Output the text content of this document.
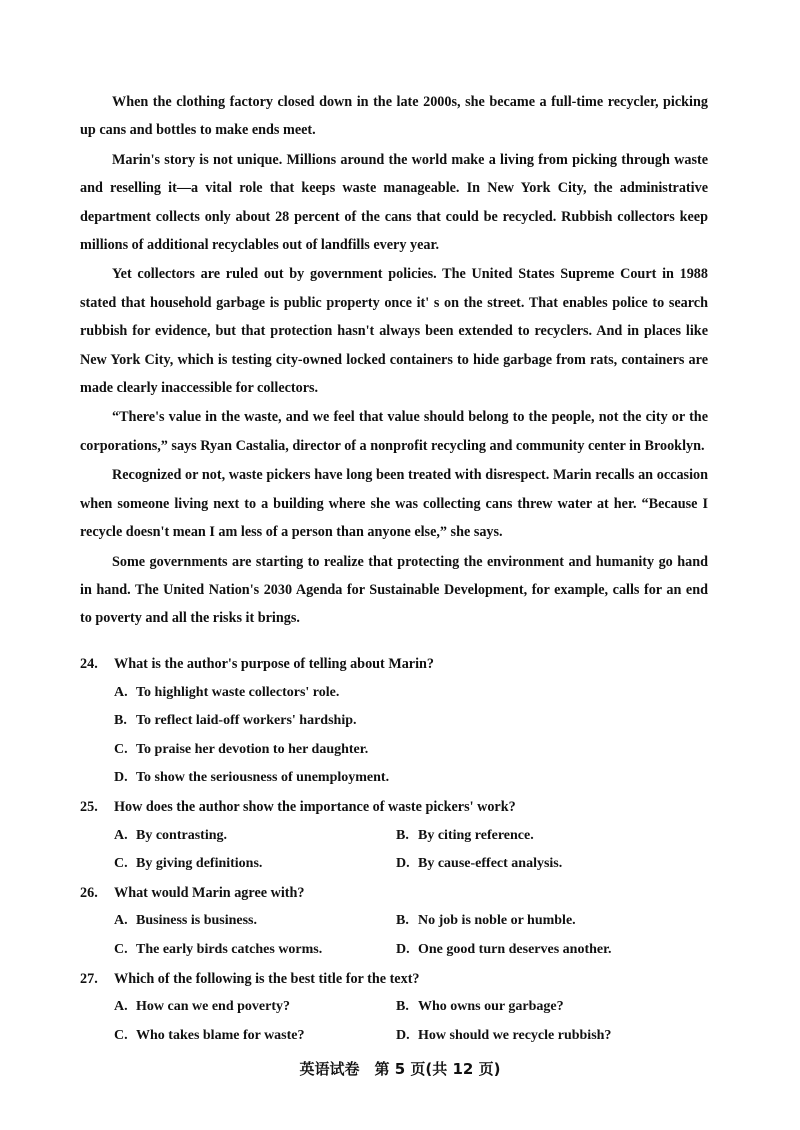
When the clothing factory closed down in the late 2000s, she became a full-time recycler, picking up cans and bottles to make ends meet.

Marin's story is not unique. Millions around the world make a living from picking through waste and reselling it—a vital role that keeps waste manageable. In New York City, the administrative department collects only about 28 percent of the cans that could be recycled. Rubbish collectors keep millions of additional recyclables out of landfills every year.

Yet collectors are ruled out by government policies. The United States Supreme Court in 1988 stated that household garbage is public property once it' s on the street. That enables police to search rubbish for evidence, but that protection hasn't always been extended to recyclers. And in places like New York City, which is testing city-owned locked containers to hide garbage from rats, containers are made clearly inaccessible for collectors.

“There's value in the waste, and we feel that value should belong to the people, not the city or the corporations,” says Ryan Castalia, director of a nonprofit recycling and community center in Brooklyn.

Recognized or not, waste pickers have long been treated with disrespect. Marin recalls an occasion when someone living next to a building where she was collecting cans threw water at her. “Because I recycle doesn't mean I am less of a person than anyone else,” she says.

Some governments are starting to realize that protecting the environment and humanity go hand in hand. The United Nation's 2030 Agenda for Sustainable Development, for example, calls for an end to poverty and all the risks it brings.

24. What is the author's purpose of telling about Marin?

A. To highlight waste collectors' role.

B. To reflect laid-off workers' hardship.

C. To praise her devotion to her daughter.

D. To show the seriousness of unemployment.

25. How does the author show the importance of waste pickers' work?

A. By contrasting.	B. By citing reference.

C. By giving definitions.	D. By cause-effect analysis.

26. What would Marin agree with?

A. Business is business.	B. No job is noble or humble.

C. The early birds catches worms.	D. One good turn deserves another.

27. Which of the following is the best title for the text?

A. How can we end poverty?	B. Who owns our garbage?

C. Who takes blame for waste?	D. How should we recycle rubbish?

英语试卷　第 5 页(共 12 页)
